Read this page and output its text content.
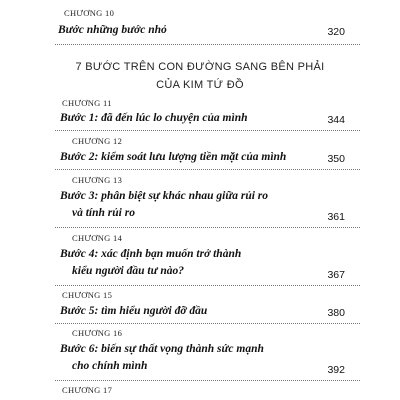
CHƯƠNG 10
Bước những bước nhỏ	320
7 BƯỚC TRÊN CON ĐƯỜNG SANG BÊN PHẢI
CỦA KIM TỨ ĐỒ
CHƯƠNG 11
Bước 1: đã đến lúc lo chuyện của mình	344
CHƯƠNG 12
Bước 2: kiểm soát lưu lượng tiền mặt của mình	350
CHƯƠNG 13
Bước 3: phân biệt sự khác nhau giữa rủi ro
và tính rủi ro	361
CHƯƠNG 14
Bước 4: xác định bạn muốn trở thành
kiểu người đầu tư nào?	367
CHƯƠNG 15
Bước 5: tìm hiểu người đỡ đầu	380
CHƯƠNG 16
Bước 6: biến sự thất vọng thành sức mạnh
cho chính mình	392
CHƯƠNG 17
